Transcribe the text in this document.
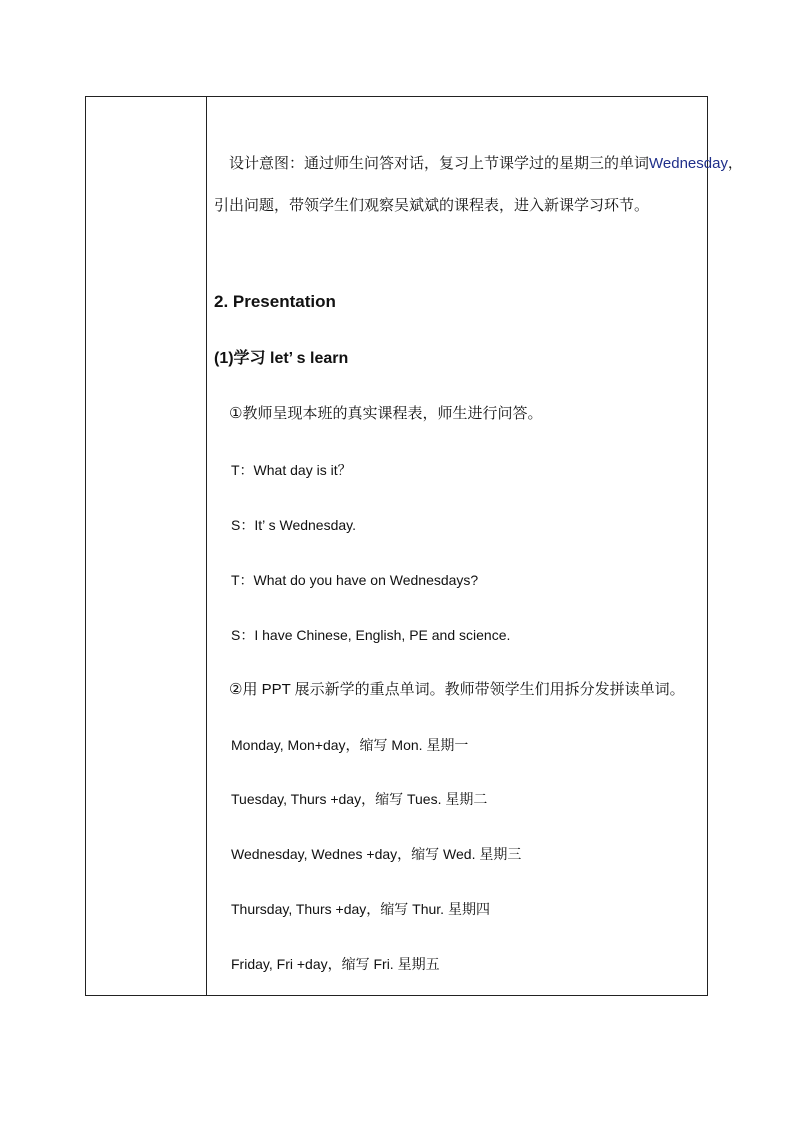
设计意图：通过师生问答对话，复习上节课学过的星期三的单词Wednesday，
引出问题，带领学生们观察吴斌斌的课程表，进入新课学习环节。
2. Presentation
(1)学习 let’ s learn
①教师呈现本班的真实课程表，师生进行问答。
T：What day is it？
S：It’ s Wednesday.
T：What do you have on Wednesdays?
S：I have Chinese, English, PE and science.
②用 PPT 展示新学的重点单词。教师带领学生们用拆分发拼读单词。
Monday, Mon+day，缩写 Mon. 星期一
Tuesday, Thurs +day，缩写 Tues. 星期二
Wednesday, Wednes +day，缩写 Wed. 星期三
Thursday, Thurs +day，缩写 Thur. 星期四
Friday, Fri +day，缩写 Fri. 星期五
